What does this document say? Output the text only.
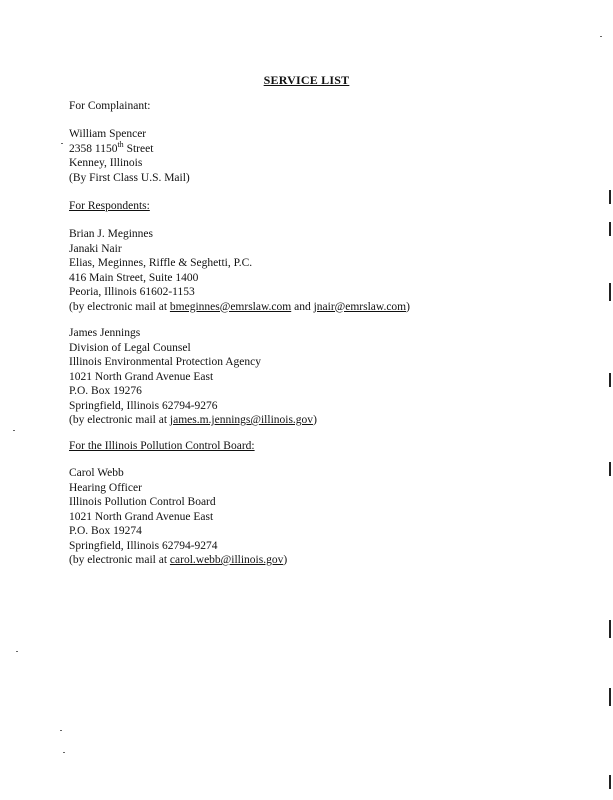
SERVICE LIST
For Complainant:
William Spencer
2358 1150th Street
Kenney, Illinois
(By First Class U.S. Mail)
For Respondents:
Brian J. Meginnes
Janaki Nair
Elias, Meginnes, Riffle & Seghetti, P.C.
416 Main Street, Suite 1400
Peoria, Illinois 61602-1153
(by electronic mail at bmeginnes@emrslaw.com and jnair@emrslaw.com)
James Jennings
Division of Legal Counsel
Illinois Environmental Protection Agency
1021 North Grand Avenue East
P.O. Box 19276
Springfield, Illinois 62794-9276
(by electronic mail at james.m.jennings@illinois.gov)
For the Illinois Pollution Control Board:
Carol Webb
Hearing Officer
Illinois Pollution Control Board
1021 North Grand Avenue East
P.O. Box 19274
Springfield, Illinois 62794-9274
(by electronic mail at carol.webb@illinois.gov)
